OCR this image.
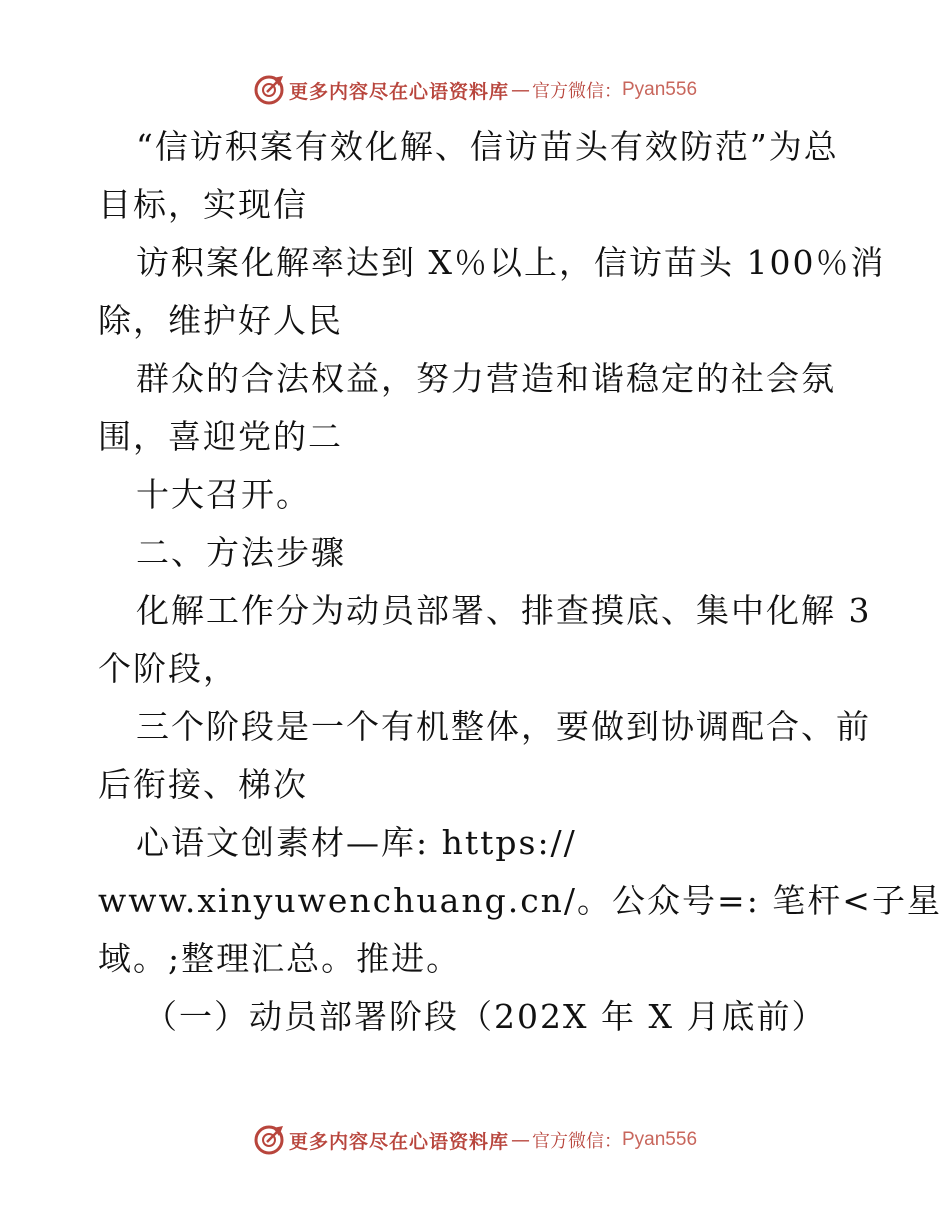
更多内容尽在心语资料库 — 官方微信： Pyan556
“信访积案有效化解、信访苗头有效防范”为总
目标，实现信
访积案化解率达到 X％以上，信访苗头 100％消
除，维护好人民
群众的合法权益，努力营造和谐稳定的社会氛
围，喜迎党的二
十大召开。
二、方法步骤
化解工作分为动员部署、排查摸底、集中化解 3
个阶段，
三个阶段是一个有机整体，要做到协调配合、前
后衔接、梯次
心语文创素材—库: https://
www.xinyuwenchuang.cn/。公众号=: 笔杆<子星
域。;整理汇总。推进。
（一）动员部署阶段（202X 年 X 月底前）
更多内容尽在心语资料库 — 官方微信： Pyan556
